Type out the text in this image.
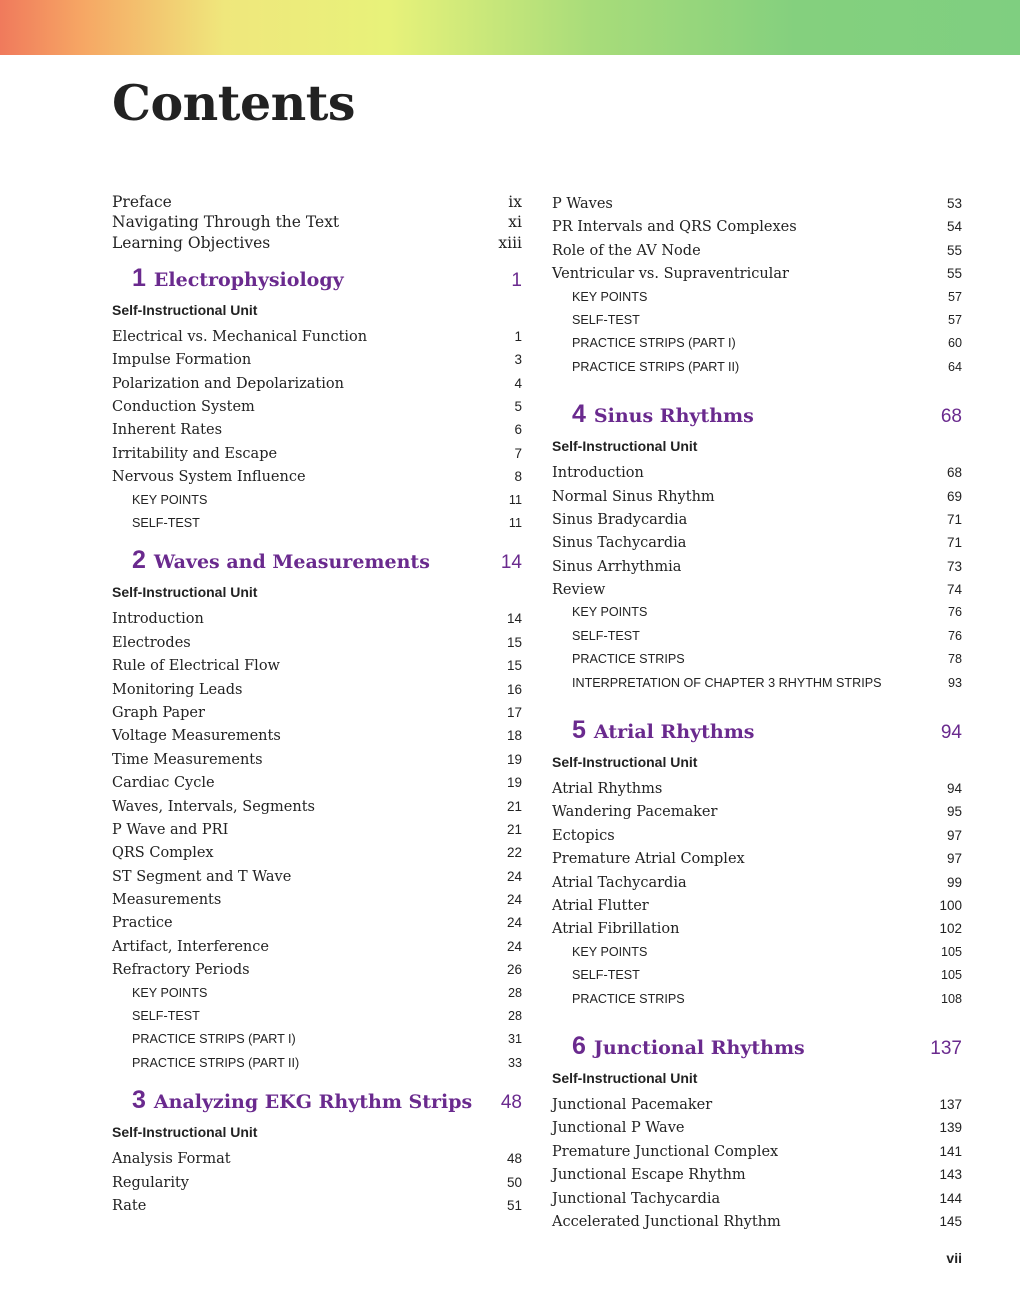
Contents
Preface	ix
Navigating Through the Text	xi
Learning Objectives	xiii
1 Electrophysiology	1
Self-Instructional Unit
Electrical vs. Mechanical Function	1
Impulse Formation	3
Polarization and Depolarization	4
Conduction System	5
Inherent Rates	6
Irritability and Escape	7
Nervous System Influence	8
KEY POINTS	11
SELF-TEST	11
2 Waves and Measurements	14
Self-Instructional Unit
Introduction	14
Electrodes	15
Rule of Electrical Flow	15
Monitoring Leads	16
Graph Paper	17
Voltage Measurements	18
Time Measurements	19
Cardiac Cycle	19
Waves, Intervals, Segments	21
P Wave and PRI	21
QRS Complex	22
ST Segment and T Wave	24
Measurements	24
Practice	24
Artifact, Interference	24
Refractory Periods	26
KEY POINTS	28
SELF-TEST	28
PRACTICE STRIPS (PART I)	31
PRACTICE STRIPS (PART II)	33
3 Analyzing EKG Rhythm Strips 48
Self-Instructional Unit
Analysis Format	48
Regularity	50
Rate	51
P Waves	53
PR Intervals and QRS Complexes	54
Role of the AV Node	55
Ventricular vs. Supraventricular	55
KEY POINTS	57
SELF-TEST	57
PRACTICE STRIPS (PART I)	60
PRACTICE STRIPS (PART II)	64
4 Sinus Rhythms	68
Self-Instructional Unit
Introduction	68
Normal Sinus Rhythm	69
Sinus Bradycardia	71
Sinus Tachycardia	71
Sinus Arrhythmia	73
Review	74
KEY POINTS	76
SELF-TEST	76
PRACTICE STRIPS	78
INTERPRETATION OF CHAPTER 3 RHYTHM STRIPS	93
5 Atrial Rhythms	94
Self-Instructional Unit
Atrial Rhythms	94
Wandering Pacemaker	95
Ectopics	97
Premature Atrial Complex	97
Atrial Tachycardia	99
Atrial Flutter	100
Atrial Fibrillation	102
KEY POINTS	105
SELF-TEST	105
PRACTICE STRIPS	108
6 Junctional Rhythms	137
Self-Instructional Unit
Junctional Pacemaker	137
Junctional P Wave	139
Premature Junctional Complex	141
Junctional Escape Rhythm	143
Junctional Tachycardia	144
Accelerated Junctional Rhythm	145
vii
